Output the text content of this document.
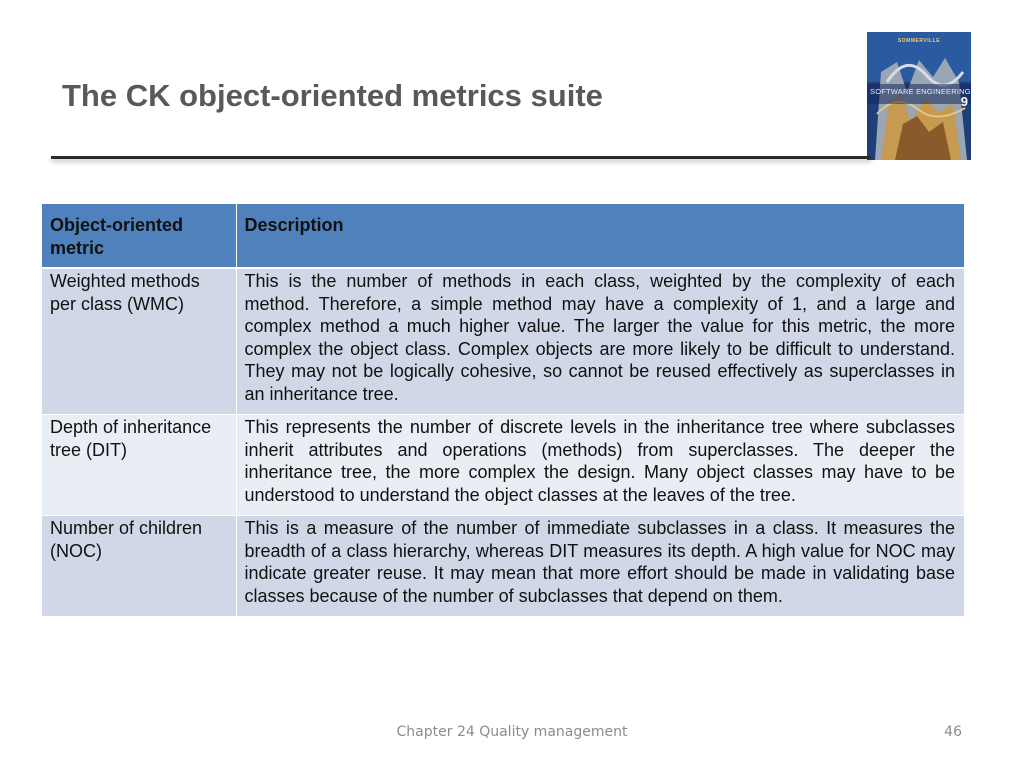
The CK object-oriented metrics suite
SOMMERVILLE
SOFTWARE ENGINEERING
9
Object-oriented metric	Description
Weighted methods per class (WMC)	This is the number of methods in each class, weighted by the complexity of each method. Therefore, a simple method may have a complexity of 1, and a large and complex method a much higher value. The larger the value for this metric, the more complex the object class. Complex objects are more likely to be difficult to understand. They may not be logically cohesive, so cannot be reused effectively as superclasses in an inheritance tree.
Depth of inheritance tree (DIT)	This represents the number of discrete levels in the inheritance tree where subclasses inherit attributes and operations (methods) from superclasses. The deeper the inheritance tree, the more complex the design. Many object classes may have to be understood to understand the object classes at the leaves of the tree.
Number of children (NOC)	This is a measure of the number of immediate subclasses in a class. It measures the breadth of a class hierarchy, whereas DIT measures its depth. A high value for NOC may indicate greater reuse. It may mean that more effort should be made in validating base classes because of the number of subclasses that depend on them.
Chapter 24 Quality management	46
